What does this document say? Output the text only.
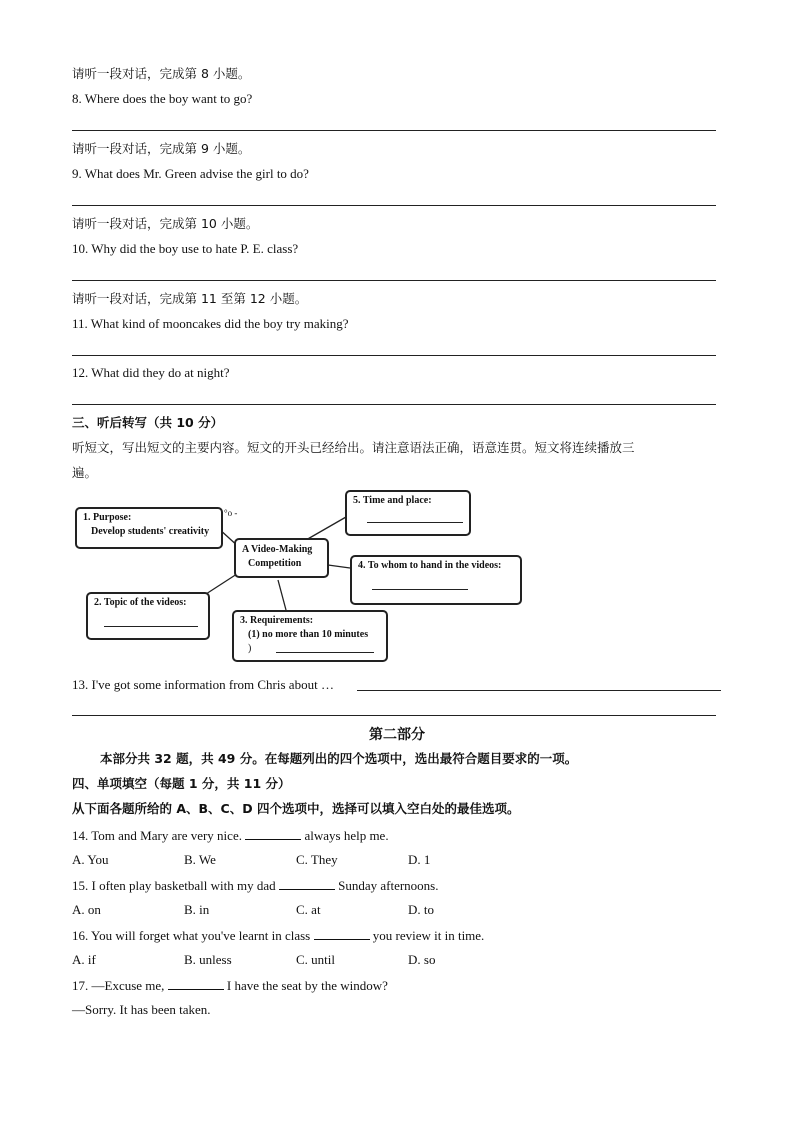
请听一段对话，完成第 8 小题。
8. Where does the boy want to go?
请听一段对话，完成第 9 小题。
9. What does Mr. Green advise the girl to do?
请听一段对话，完成第 10 小题。
10. Why did the boy use to hate P. E. class?
请听一段对话，完成第 11 至第 12 小题。
11. What kind of mooncakes did the boy try making?
12. What did they do at night?
三、听后转写（共 10 分）
听短文，写出短文的主要内容。短文的开头已经给出。请注意语法正确，语意连贯。短文将连续播放三
遍。
1. Purpose:
Develop students' creativity
°o -
A Video-Making
Competition
5. Time and place:
4. To whom to hand in the videos:
2. Topic of the videos:
3. Requirements:
(1) no more than 10 minutes
)
13. I've got some information from Chris about …
第二部分
本部分共 32 题，共 49 分。在每题列出的四个选项中，选出最符合题目要求的一项。
四、单项填空（每题 1 分，共 11 分）
从下面各题所给的 A、B、C、D 四个选项中，选择可以填入空白处的最佳选项。
14. Tom and Mary are very nice.	always help me.
A. You	B. We	C. They	D. 1
15. I often play basketball with my dad	Sunday afternoons.
A. on	B. in	C. at	D. to
16. You will forget what you've learnt in class	you review it in time.
A. if	B. unless	C. until	D. so
17. —Excuse me,	I have the seat by the window?
—Sorry. It has been taken.
